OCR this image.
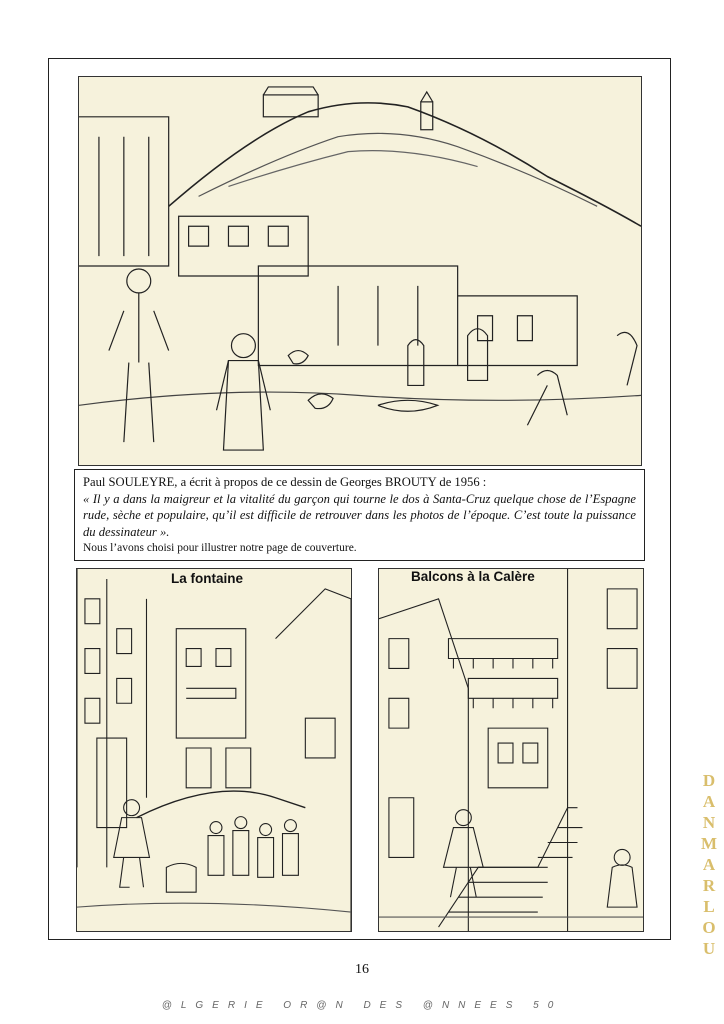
Paul SOULEYRE, a écrit à propos de ce dessin de Georges BROUTY de 1956 :

« Il y a dans la maigreur et la vitalité du garçon qui tourne le dos à Santa-Cruz quelque chose de l’Espagne rude, sèche et populaire, qu’il est difficile de retrouver dans les photos de l’époque. C’est toute la puissance du dessinateur ».

Nous l’avons choisi pour illustrer notre page de couverture.

La fontaine	Balcons à la Calère
16
@LGERIE OR@N DES @NNEES 50
D
A
N
M
A
R
L
O
U
